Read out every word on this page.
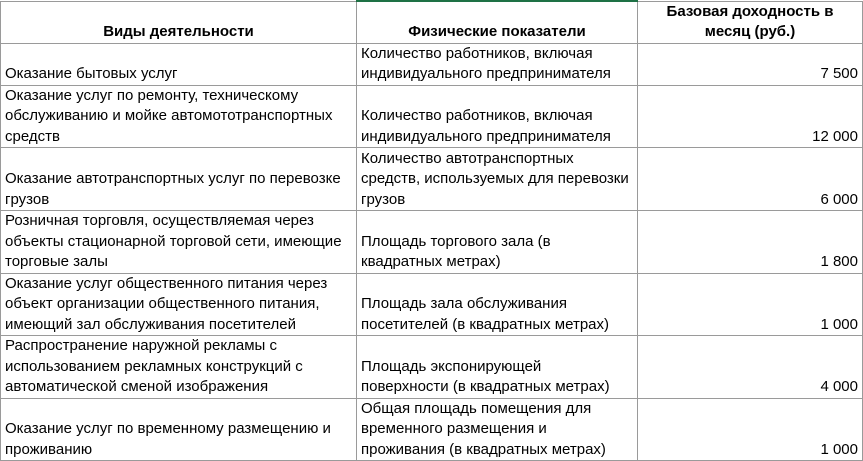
Виды деятельности	Физические показатели	Базовая доходность в месяц (руб.)
Оказание бытовых услуг	Количество работников, включая индивидуального предпринимателя	7 500
Оказание услуг по ремонту, техническому обслуживанию и мойке автомототранспортных средств	Количество работников, включая индивидуального предпринимателя	12 000
Оказание автотранспортных услуг по перевозке грузов	Количество автотранспортных средств, используемых для перевозки грузов	6 000
Розничная торговля, осуществляемая через объекты стационарной торговой сети, имеющие торговые залы	Площадь торгового зала (в квадратных метрах)	1 800
Оказание услуг общественного питания через объект организации общественного питания, имеющий зал обслуживания посетителей	Площадь зала обслуживания посетителей (в квадратных метрах)	1 000
Распространение наружной рекламы с использованием рекламных конструкций с автоматической сменой изображения	Площадь экспонирующей поверхности (в квадратных метрах)	4 000
Оказание услуг по временному размещению и проживанию	Общая площадь помещения для временного размещения и проживания (в квадратных метрах)	1 000
